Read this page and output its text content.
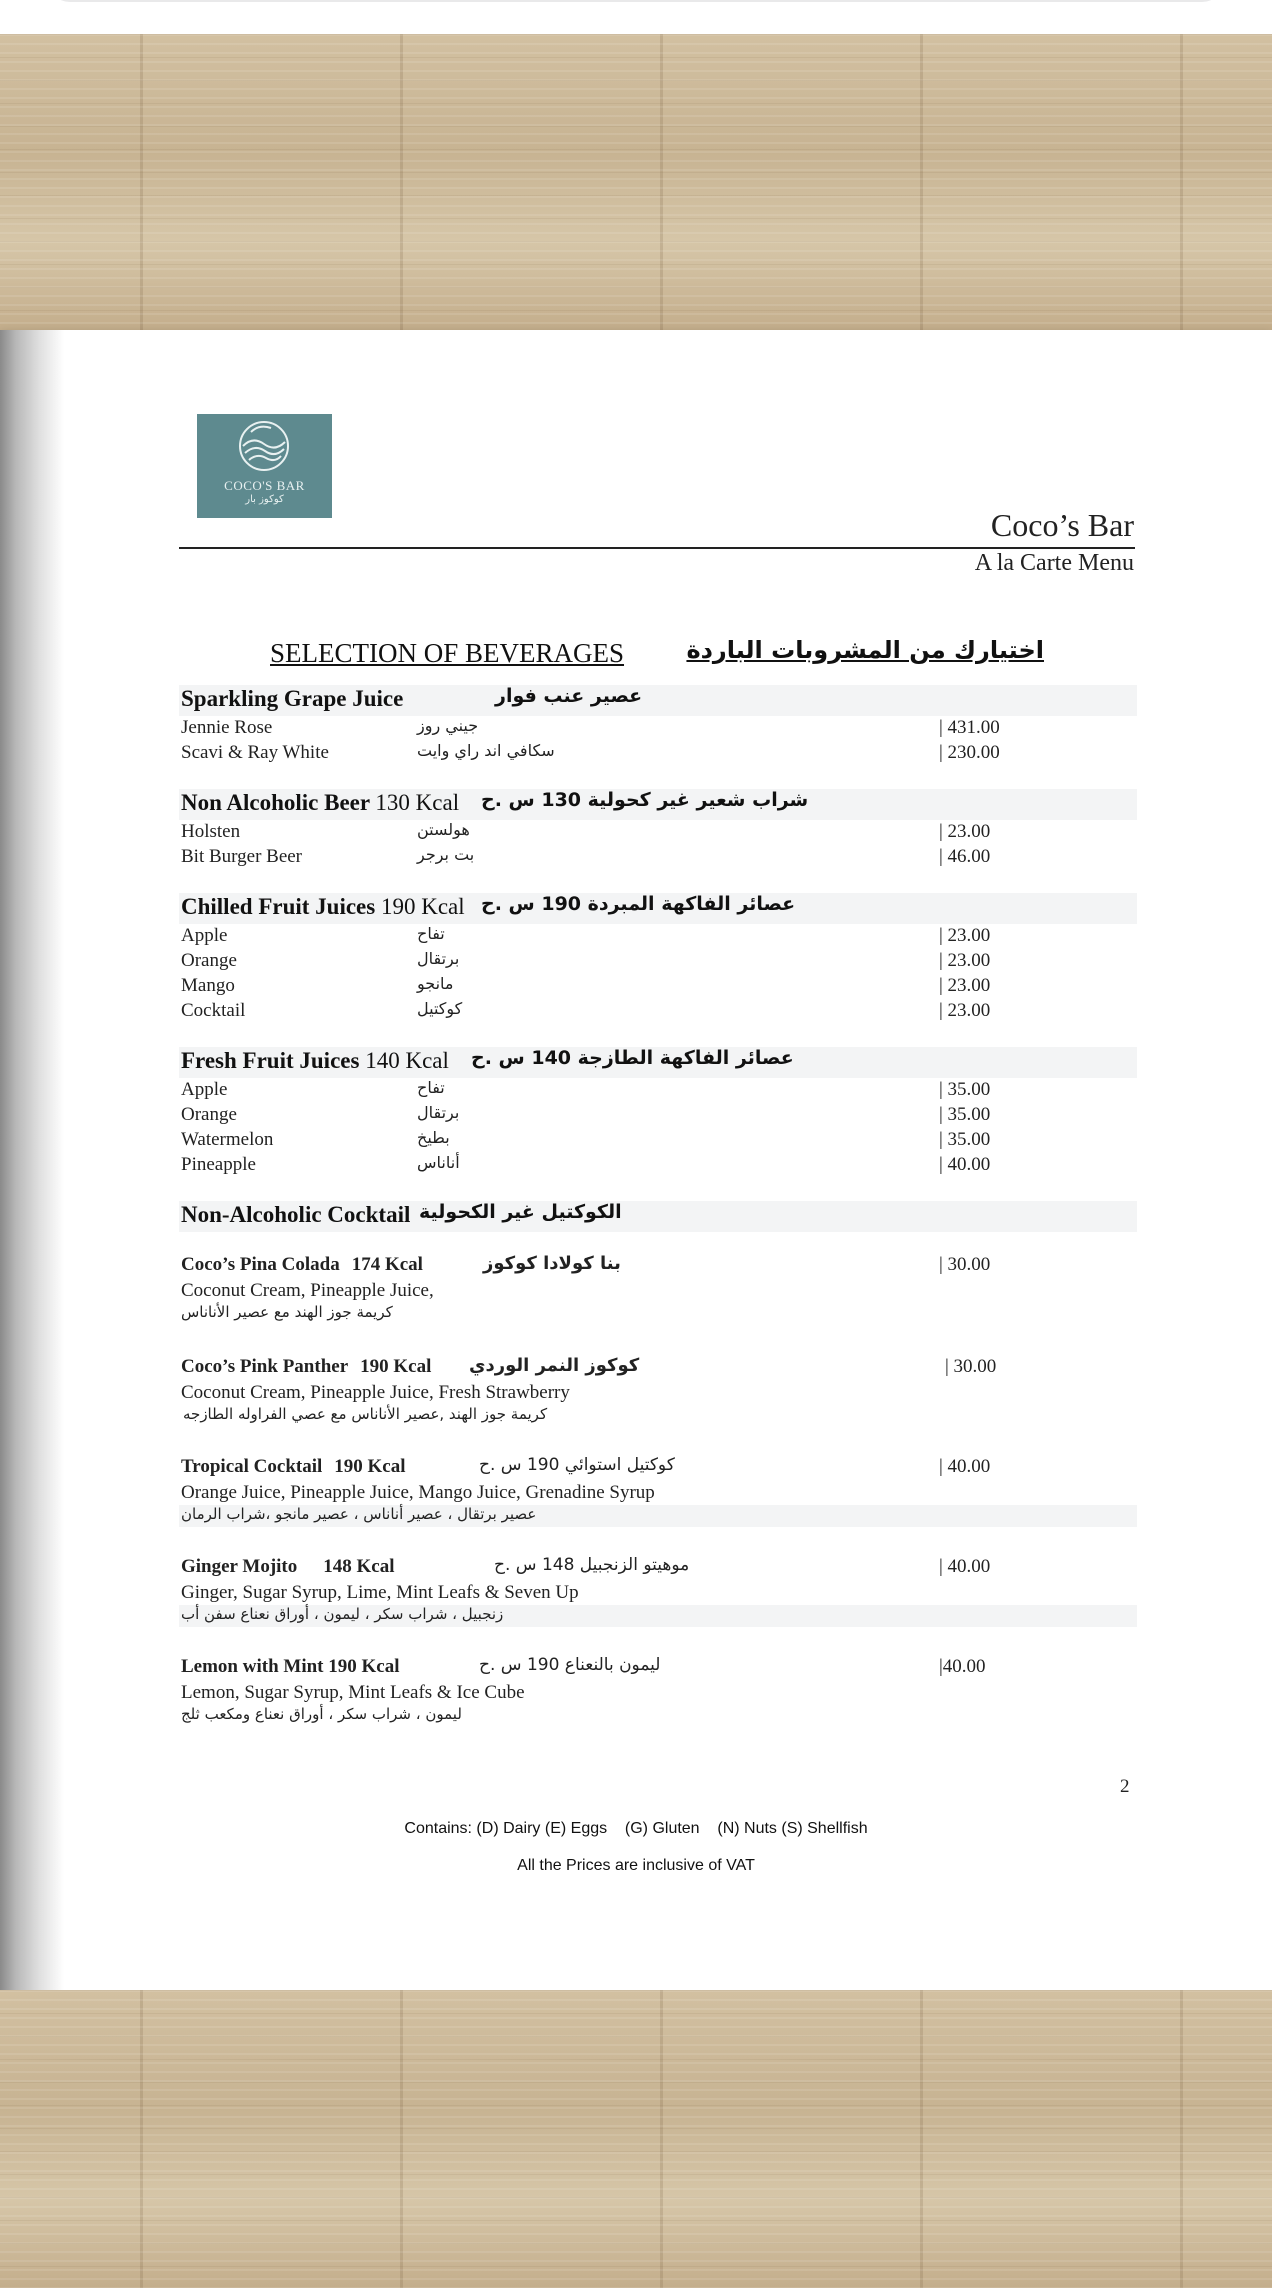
COCO'S BAR
كوكوز بار
Coco’s Bar
A la Carte Menu
SELECTION OF BEVERAGES	اختيارك من المشروبات الباردة
Sparkling Grape Juice	عصير عنب فوار
Jennie Rose	جيني روز	| 431.00
Scavi & Ray White	سكافي اند راي وايت	| 230.00
Non Alcoholic Beer 130 Kcal شراب شعير غير كحولية 130 س .ح
Holsten	هولستن	| 23.00
Bit Burger Beer	بت برجر	| 46.00
Chilled Fruit Juices 190 Kcal عصائر الفاكهة المبردة 190 س .ح
Apple	تفاح	| 23.00
Orange	برتقال	| 23.00
Mango	مانجو	| 23.00
Cocktail	كوكتيل	| 23.00
Fresh Fruit Juices 140 Kcal عصائر الفاكهة الطازجة 140 س .ح
Apple	تفاح	| 35.00
Orange	برتقال	| 35.00
Watermelon	بطيخ	| 35.00
Pineapple	أناناس	| 40.00
Non-Alcoholic Cocktail الكوكتيل غير الكحولية
Coco’s Pina Colada 174 Kcal	بنا كولادا كوكوز	| 30.00
Coconut Cream, Pineapple Juice,
كريمة جوز الهند مع عصير الأناناس
Coco’s Pink Panther 190 Kcal كوكوز النمر الوردي	| 30.00
Coconut Cream, Pineapple Juice, Fresh Strawberry
كريمة جوز الهند ,عصير الأناناس مع عصي الفراوله الطازجه
Tropical Cocktail 190 Kcal	كوكتيل استوائي 190 س .ح	| 40.00
Orange Juice, Pineapple Juice, Mango Juice, Grenadine Syrup
عصير برتقال ، عصير أناناس ، عصير مانجو ،شراب الرمان
Ginger Mojito 148 Kcal	موهيتو الزنجبيل 148 س .ح	| 40.00
Ginger, Sugar Syrup, Lime, Mint Leafs & Seven Up
زنجبيل ، شراب سكر ، ليمون ، أوراق نعناع سفن أب
Lemon with Mint 190 Kcal	ليمون بالنعناع 190 س .ح	|40.00
Lemon, Sugar Syrup, Mint Leafs & Ice Cube
ليمون ، شراب سكر ، أوراق نعناع ومكعب ثلج
2
Contains: (D) Dairy (E) Eggs    (G) Gluten    (N) Nuts (S) Shellfish
All the Prices are inclusive of VAT
